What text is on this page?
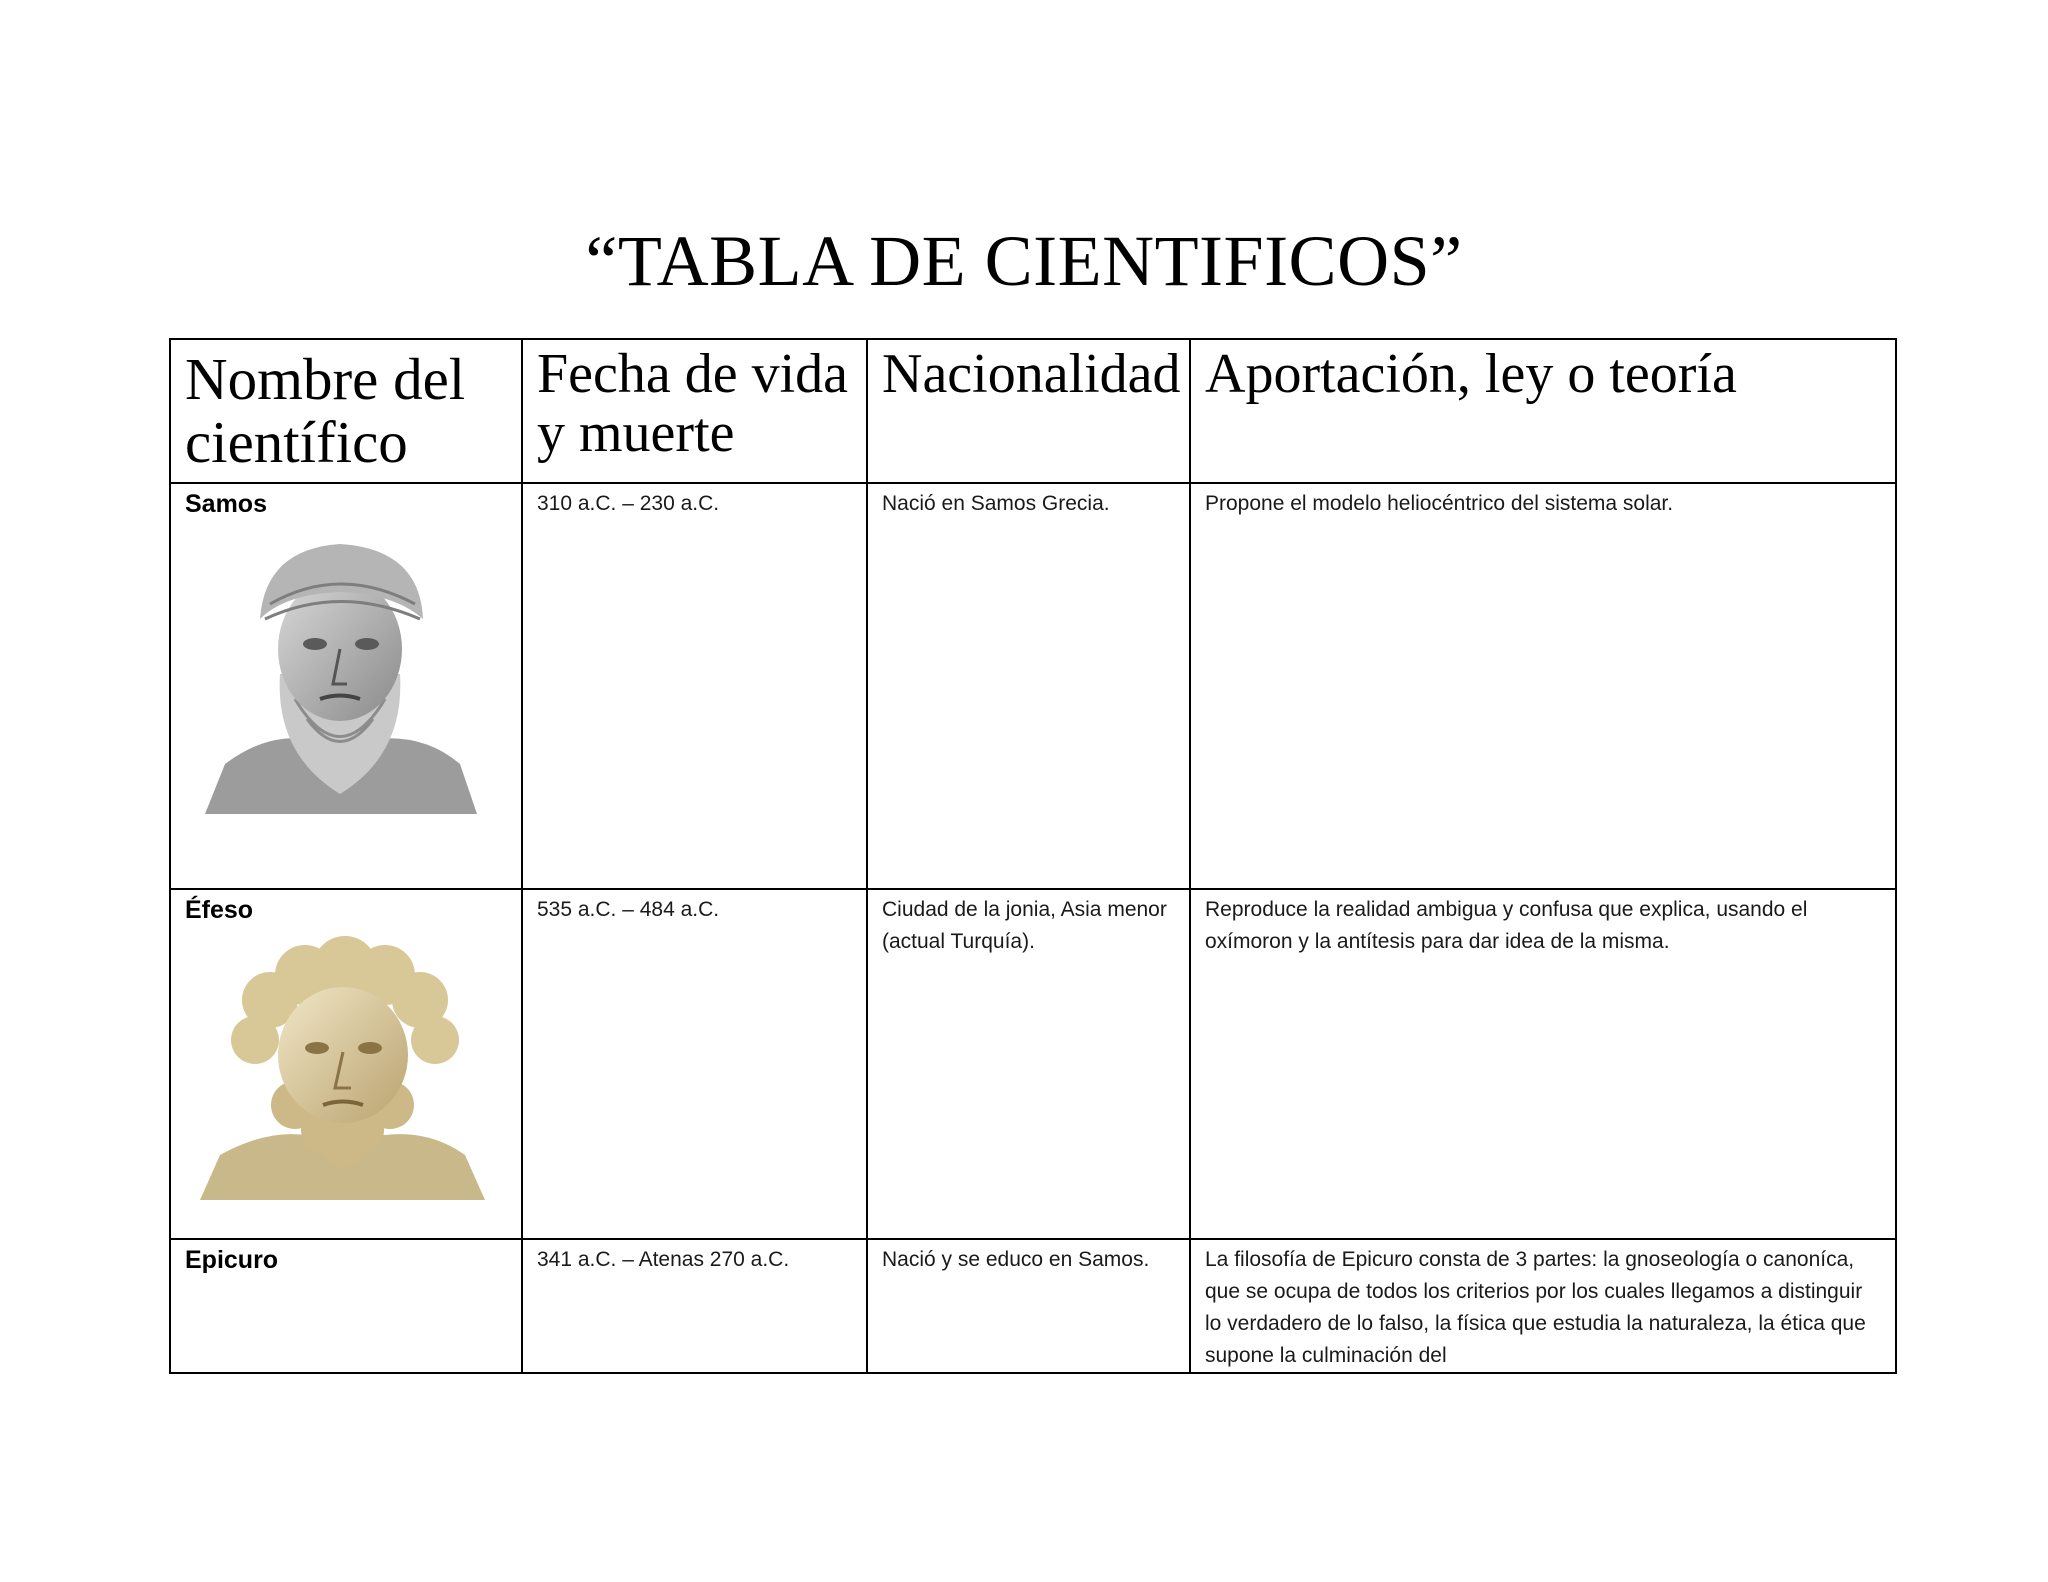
“TABLA DE CIENTIFICOS”
Nombre del científico	Fecha de vida y muerte	Nacionalidad	Aportación, ley o teoría

Samos	310 a.C. – 230 a.C.	Nació en Samos Grecia.	Propone el modelo heliocéntrico del sistema solar.

Éfeso	535 a.C. – 484 a.C.	Ciudad de la jonia, Asia menor (actual Turquía).	Reproduce la realidad ambigua y confusa que explica, usando el oxímoron y la antítesis para dar idea de la misma.

Epicuro	341 a.C. – Atenas 270 a.C.	Nació y se educo en Samos.	La filosofía de Epicuro consta de 3 partes: la gnoseología o canoníca, que se ocupa de todos los criterios por los cuales llegamos a distinguir lo verdadero de lo falso, la física que estudia la naturaleza, la ética que supone la culminación del
